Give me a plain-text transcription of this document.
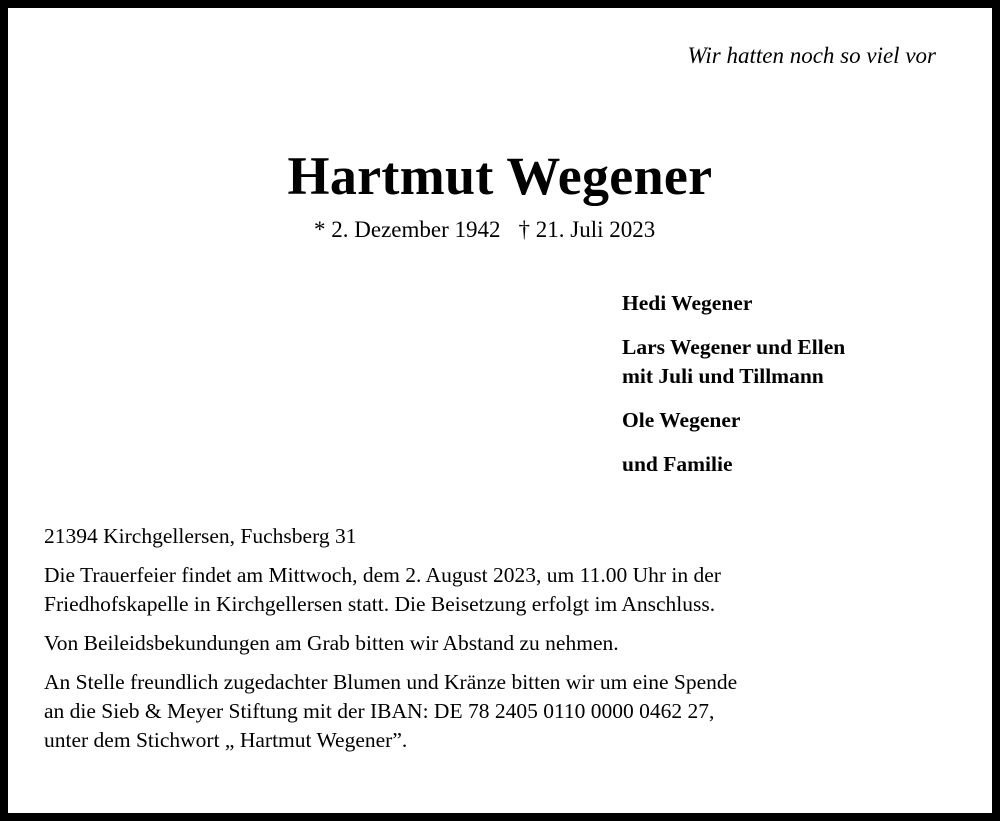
Wir hatten noch so viel vor
Hartmut Wegener
* 2. Dezember 1942 † 21. Juli 2023
Hedi Wegener
Lars Wegener und Ellen
mit Juli und Tillmann
Ole Wegener
und Familie

21394 Kirchgellersen, Fuchsberg 31

Die Trauerfeier findet am Mittwoch, dem 2. August 2023, um 11.00 Uhr in der

Friedhofskapelle in Kirchgellersen statt. Die Beisetzung erfolgt im Anschluss.

Von Beileidsbekundungen am Grab bitten wir Abstand zu nehmen.

An Stelle freundlich zugedachter Blumen und Kränze bitten wir um eine Spende

an die Sieb & Meyer Stiftung mit der IBAN: DE 78 2405 0110 0000 0462 27,

unter dem Stichwort „ Hartmut Wegener”.
